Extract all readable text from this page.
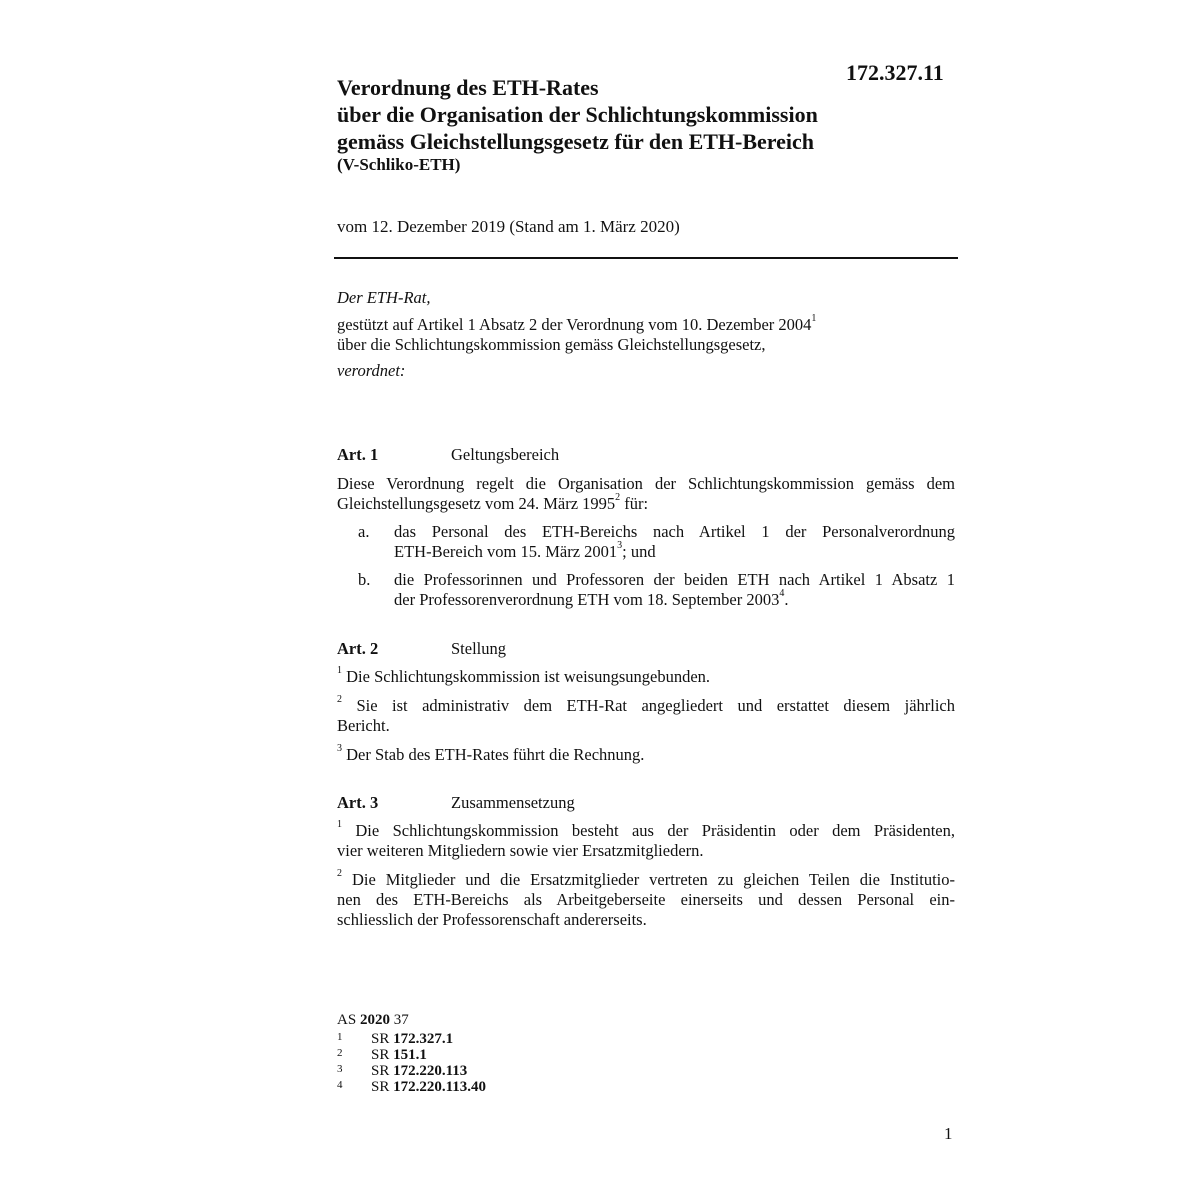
172.327.11
Verordnung des ETH-Rates
über die Organisation der Schlichtungskommission
gemäss Gleichstellungsgesetz für den ETH-Bereich
(V-Schliko-ETH)
vom 12. Dezember 2019 (Stand am 1. März 2020)
Der ETH-Rat,
gestützt auf Artikel 1 Absatz 2 der Verordnung vom 10. Dezember 2004$^1$
über die Schlichtungskommission gemäss Gleichstellungsgesetz,
verordnet:
Art. 1	Geltungsbereich
Diese Verordnung regelt die Organisation der Schlichtungskommission gemäss dem
Gleichstellungsgesetz vom 24. März 1995$^2$ für:
a. das Personal des ETH-Bereichs nach Artikel 1 der Personalverordnung
ETH-Bereich vom 15. März 2001$^3$; und
b. die Professorinnen und Professoren der beiden ETH nach Artikel 1 Absatz 1
der Professorenverordnung ETH vom 18. September 2003$^4$.
Art. 2	Stellung
$^1$ Die Schlichtungskommission ist weisungsungebunden.
$^2$ Sie ist administrativ dem ETH-Rat angegliedert und erstattet diesem jährlich
Bericht.
$^3$ Der Stab des ETH-Rates führt die Rechnung.
Art. 3	Zusammensetzung
$^1$ Die Schlichtungskommission besteht aus der Präsidentin oder dem Präsidenten,
vier weiteren Mitgliedern sowie vier Ersatzmitgliedern.
$^2$ Die Mitglieder und die Ersatzmitglieder vertreten zu gleichen Teilen die Institutio-
nen des ETH-Bereichs als Arbeitgeberseite einerseits und dessen Personal ein-
schliesslich der Professorenschaft andererseits.
AS 2020 37
1 SR 172.327.1
2 SR 151.1
3 SR 172.220.113
4 SR 172.220.113.40
1
